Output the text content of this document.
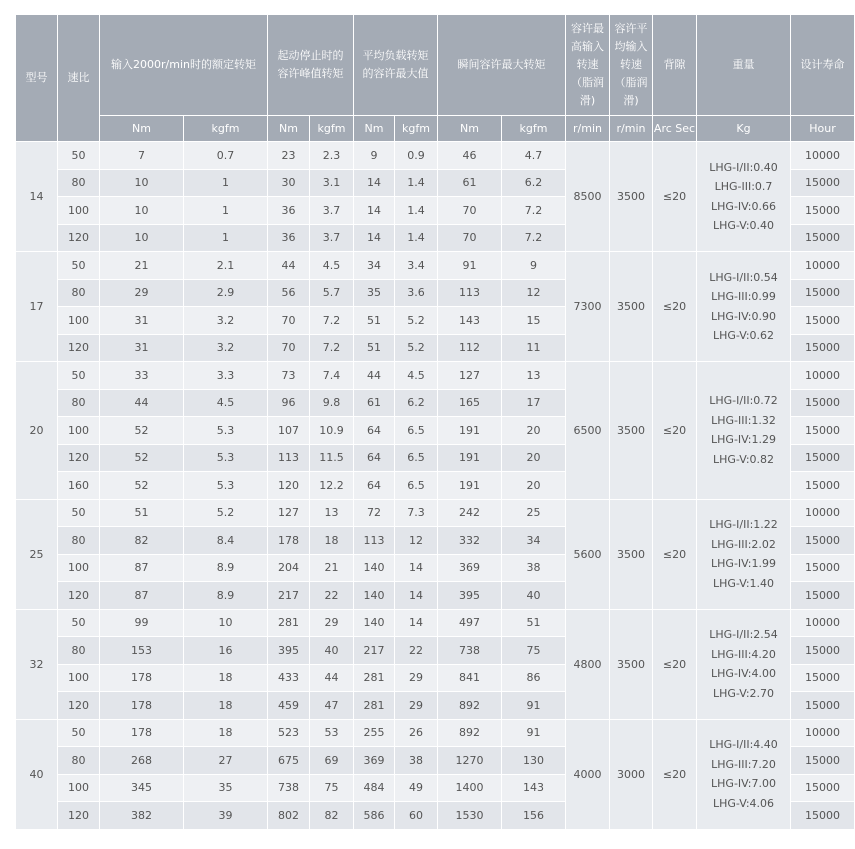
型号	速比	输入2000r/min时的额定转矩		起动停止时的容许峰值转矩		平均负载转矩的容许最大值		瞬间容许最大转矩		容许最高输入转速（脂润滑)	容许平均输入转速（脂润滑)	背隙	重量	设计寿命
		Nm	kgfm	Nm	kgfm	Nm	kgfm	Nm	kgfm	r/min	r/min	Arc Sec	Kg	Hour
14	50	7	0.7	23	2.3	9	0.9	46	4.7	8500	3500	≤20	LHG-I/II:0.40
LHG-III:0.7
LHG-IV:0.66
LHG-V:0.40	10000
	80	10	1	30	3.1	14	1.4	61	6.2					15000
	100	10	1	36	3.7	14	1.4	70	7.2					15000
	120	10	1	36	3.7	14	1.4	70	7.2					15000
17	50	21	2.1	44	4.5	34	3.4	91	9	7300	3500	≤20	LHG-I/II:0.54
LHG-III:0.99
LHG-IV:0.90
LHG-V:0.62	10000
	80	29	2.9	56	5.7	35	3.6	113	12					15000
	100	31	3.2	70	7.2	51	5.2	143	15					15000
	120	31	3.2	70	7.2	51	5.2	112	11					15000
20	50	33	3.3	73	7.4	44	4.5	127	13	6500	3500	≤20	LHG-I/II:0.72
LHG-III:1.32
LHG-IV:1.29
LHG-V:0.82	10000
	80	44	4.5	96	9.8	61	6.2	165	17					15000
	100	52	5.3	107	10.9	64	6.5	191	20					15000
	120	52	5.3	113	11.5	64	6.5	191	20					15000
	160	52	5.3	120	12.2	64	6.5	191	20					15000
25	50	51	5.2	127	13	72	7.3	242	25	5600	3500	≤20	LHG-I/II:1.22
LHG-III:2.02
LHG-IV:1.99
LHG-V:1.40	10000
	80	82	8.4	178	18	113	12	332	34					15000
	100	87	8.9	204	21	140	14	369	38					15000
	120	87	8.9	217	22	140	14	395	40					15000
32	50	99	10	281	29	140	14	497	51	4800	3500	≤20	LHG-I/II:2.54
LHG-III:4.20
LHG-IV:4.00
LHG-V:2.70	10000
	80	153	16	395	40	217	22	738	75					15000
	100	178	18	433	44	281	29	841	86					15000
	120	178	18	459	47	281	29	892	91					15000
40	50	178	18	523	53	255	26	892	91	4000	3000	≤20	LHG-I/II:4.40
LHG-III:7.20
LHG-IV:7.00
LHG-V:4.06	10000
	80	268	27	675	69	369	38	1270	130					15000
	100	345	35	738	75	484	49	1400	143					15000
	120	382	39	802	82	586	60	1530	156					15000
